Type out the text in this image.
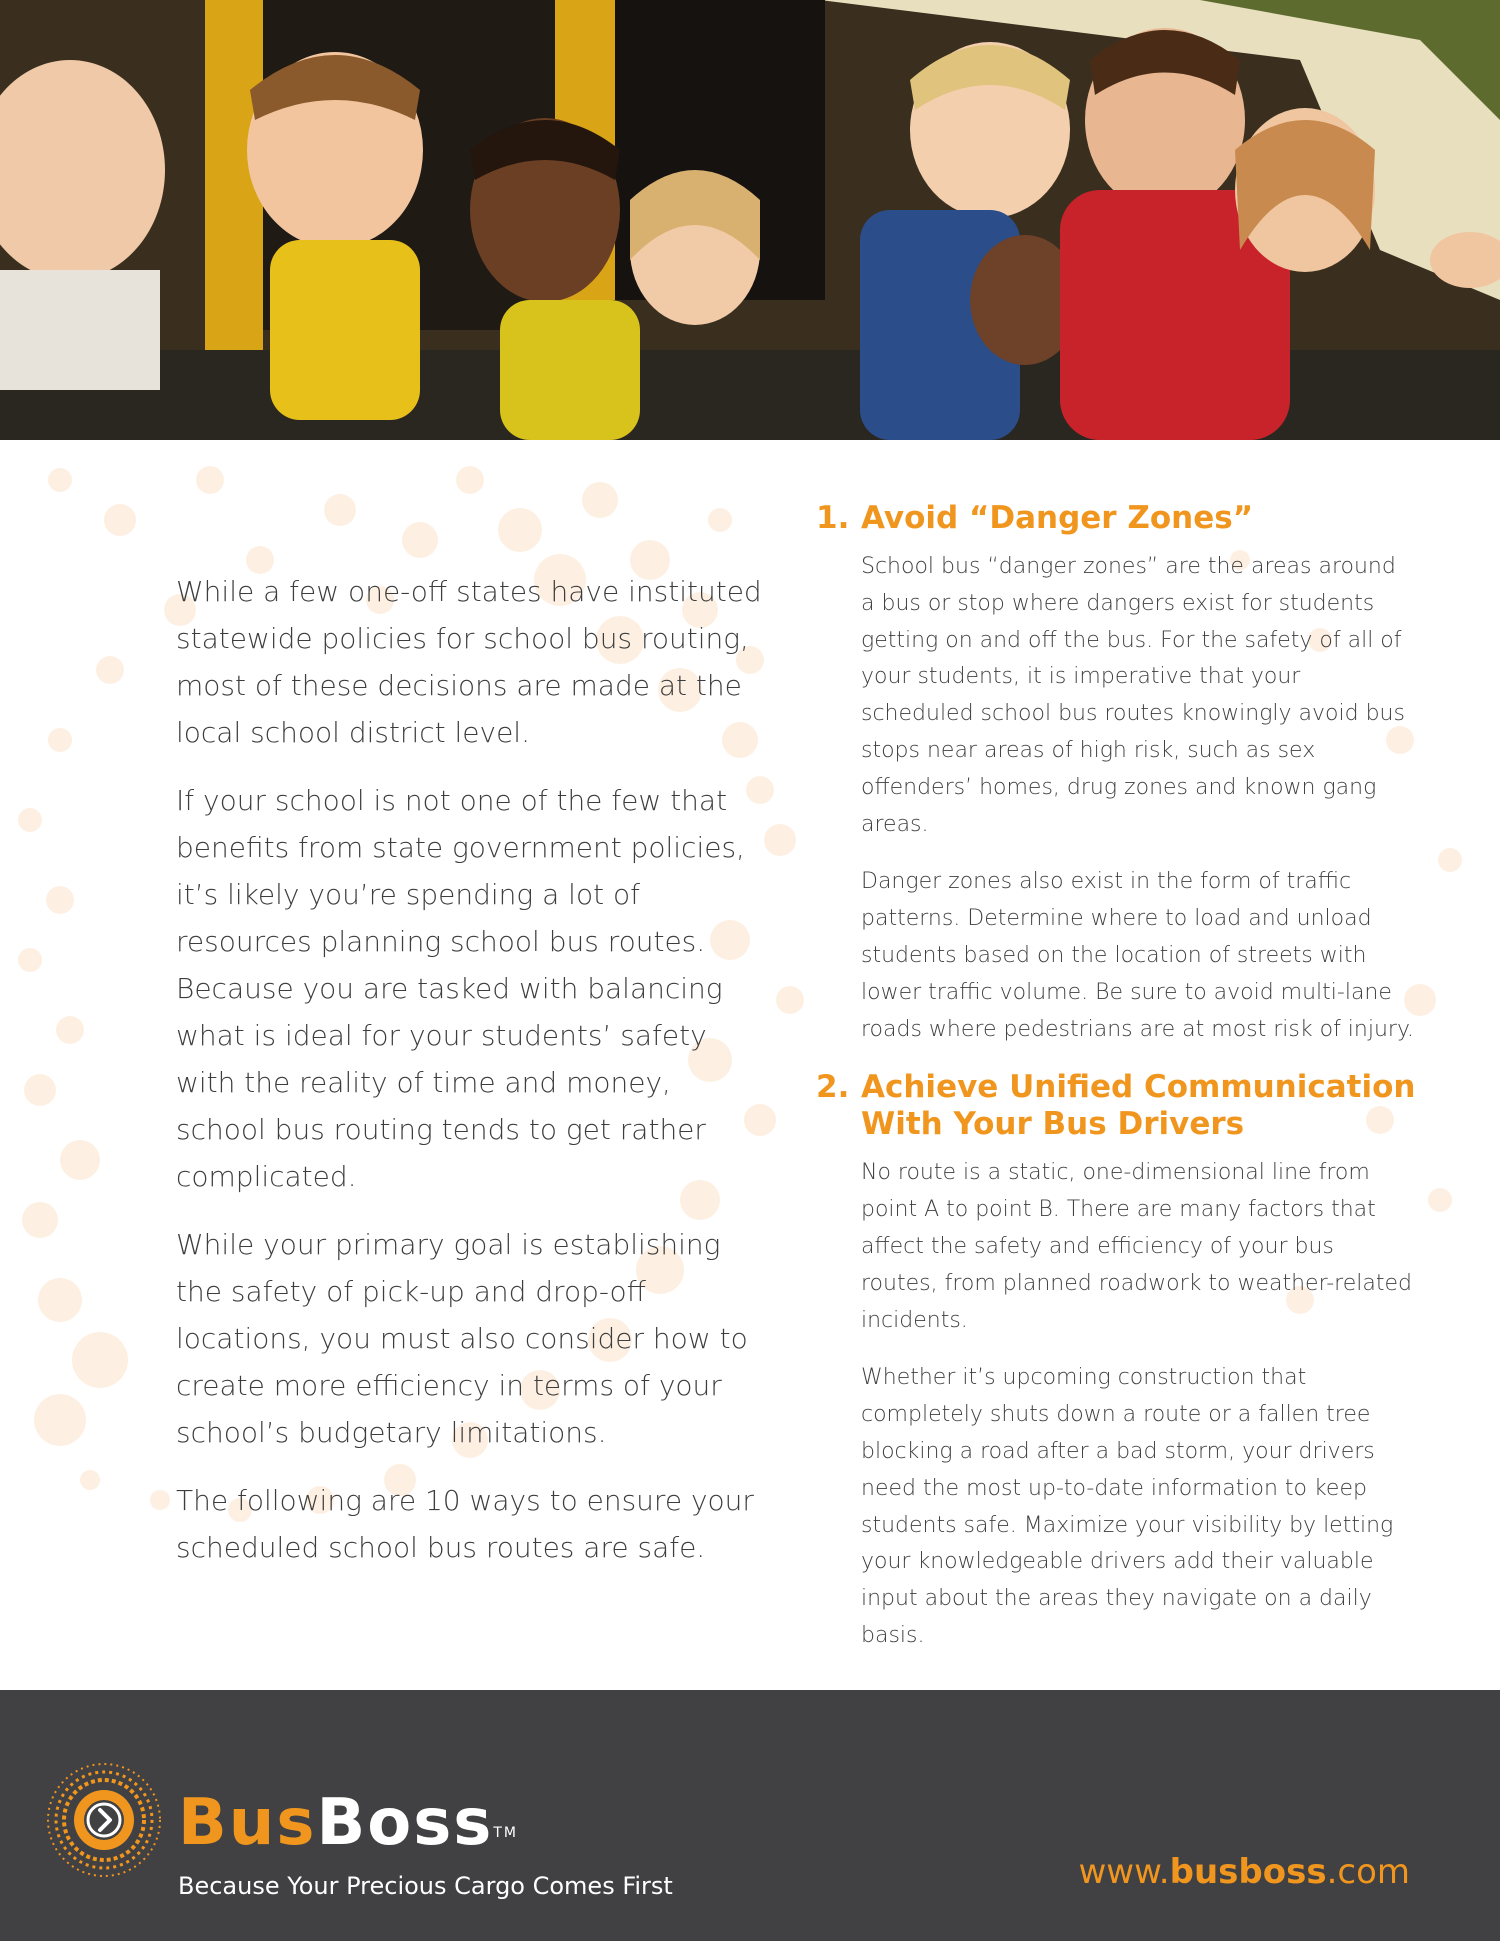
While a few one-off states have instituted statewide policies for school bus routing, most of these decisions are made at the local school district level.

If your school is not one of the few that benefits from state government policies, it’s likely you’re spending a lot of resources planning school bus routes. Because you are tasked with balancing what is ideal for your students’ safety with the reality of time and money, school bus routing tends to get rather complicated.

While your primary goal is establishing the safety of pick-up and drop-off locations, you must also consider how to create more efficiency in terms of your school’s budgetary limitations.

The following are 10 ways to ensure your scheduled school bus routes are safe.

1. Avoid “Danger Zones”

School bus “danger zones” are the areas around a bus or stop where dangers exist for students getting on and off the bus. For the safety of all of your students, it is imperative that your scheduled school bus routes knowingly avoid bus stops near areas of high risk, such as sex offenders’ homes, drug zones and known gang areas.

Danger zones also exist in the form of traffic patterns. Determine where to load and unload students based on the location of streets with lower traffic volume. Be sure to avoid multi-lane roads where pedestrians are at most risk of injury.

2. Achieve Unified Communication With Your Bus Drivers

No route is a static, one-dimensional line from point A to point B. There are many factors that affect the safety and efficiency of your bus routes, from planned roadwork to weather-related incidents.

Whether it’s upcoming construction that completely shuts down a route or a fallen tree blocking a road after a bad storm, your drivers need the most up-to-date information to keep students safe. Maximize your visibility by letting your knowledgeable drivers add their valuable input about the areas they navigate on a daily basis.

BusBoss™
Because Your Precious Cargo Comes First	www.busboss.com
